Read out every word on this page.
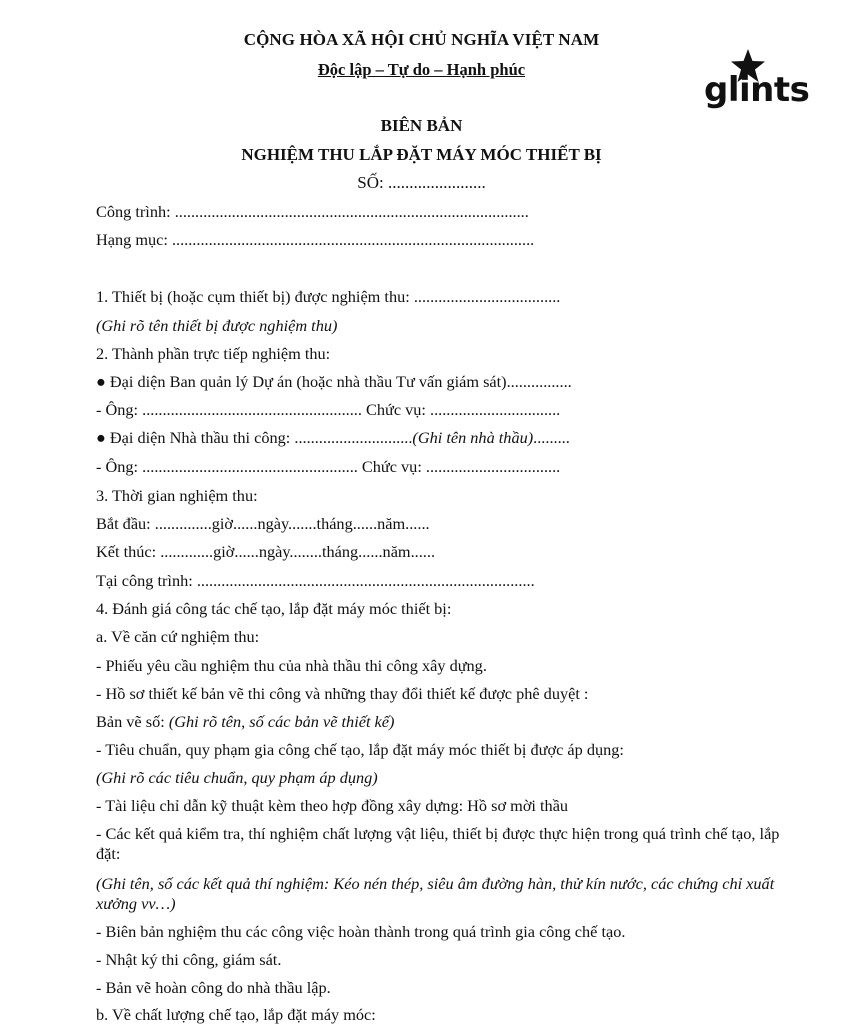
CỘNG HÒA XÃ HỘI CHỦ NGHĨA VIỆT NAM
Độc lập – Tự do – Hạnh phúc
glints
BIÊN BẢN
NGHIỆM THU LẮP ĐẶT MÁY MÓC THIẾT BỊ
SỐ: .......................
Công trình: .......................................................................................
Hạng mục: .........................................................................................
1. Thiết bị (hoặc cụm thiết bị) được nghiệm thu: ....................................
(Ghi rõ tên thiết bị được nghiệm thu)
2. Thành phần trực tiếp nghiệm thu:
● Đại diện Ban quản lý Dự án (hoặc nhà thầu Tư vấn giám sát)................
- Ông: ...................................................... Chức vụ: ................................
● Đại diện Nhà thầu thi công: .............................(Ghi tên nhà thầu).........
- Ông: ..................................................... Chức vụ: .................................
3. Thời gian nghiệm thu:
Bắt đầu: ..............giờ......ngày.......tháng......năm......
Kết thúc: .............giờ......ngày........tháng......năm......
Tại công trình: ...................................................................................
4. Đánh giá công tác chế tạo, lắp đặt máy móc thiết bị:
a. Về căn cứ nghiệm thu:
- Phiếu yêu cầu nghiệm thu của nhà thầu thi công xây dựng.
- Hồ sơ thiết kế bản vẽ thi công và những thay đổi thiết kế được phê duyệt :
Bản vẽ số: (Ghi rõ tên, số các bản vẽ thiết kế)
- Tiêu chuẩn, quy phạm gia công chế tạo, lắp đặt máy móc thiết bị được áp dụng:
(Ghi rõ các tiêu chuẩn, quy phạm áp dụng)
- Tài liệu chỉ dẫn kỹ thuật kèm theo hợp đồng xây dựng: Hồ sơ mời thầu
- Các kết quả kiểm tra, thí nghiệm chất lượng vật liệu, thiết bị được thực hiện trong quá trình chế tạo, lắp đặt:
(Ghi tên, số các kết quả thí nghiệm: Kéo nén thép, siêu âm đường hàn, thử kín nước, các chứng chỉ xuất xưởng vv…)
- Biên bản nghiệm thu các công việc hoàn thành trong quá trình gia công chế tạo.
- Nhật ký thi công, giám sát.
- Bản vẽ hoàn công do nhà thầu lập.
b. Về chất lượng chế tạo, lắp đặt máy móc:
